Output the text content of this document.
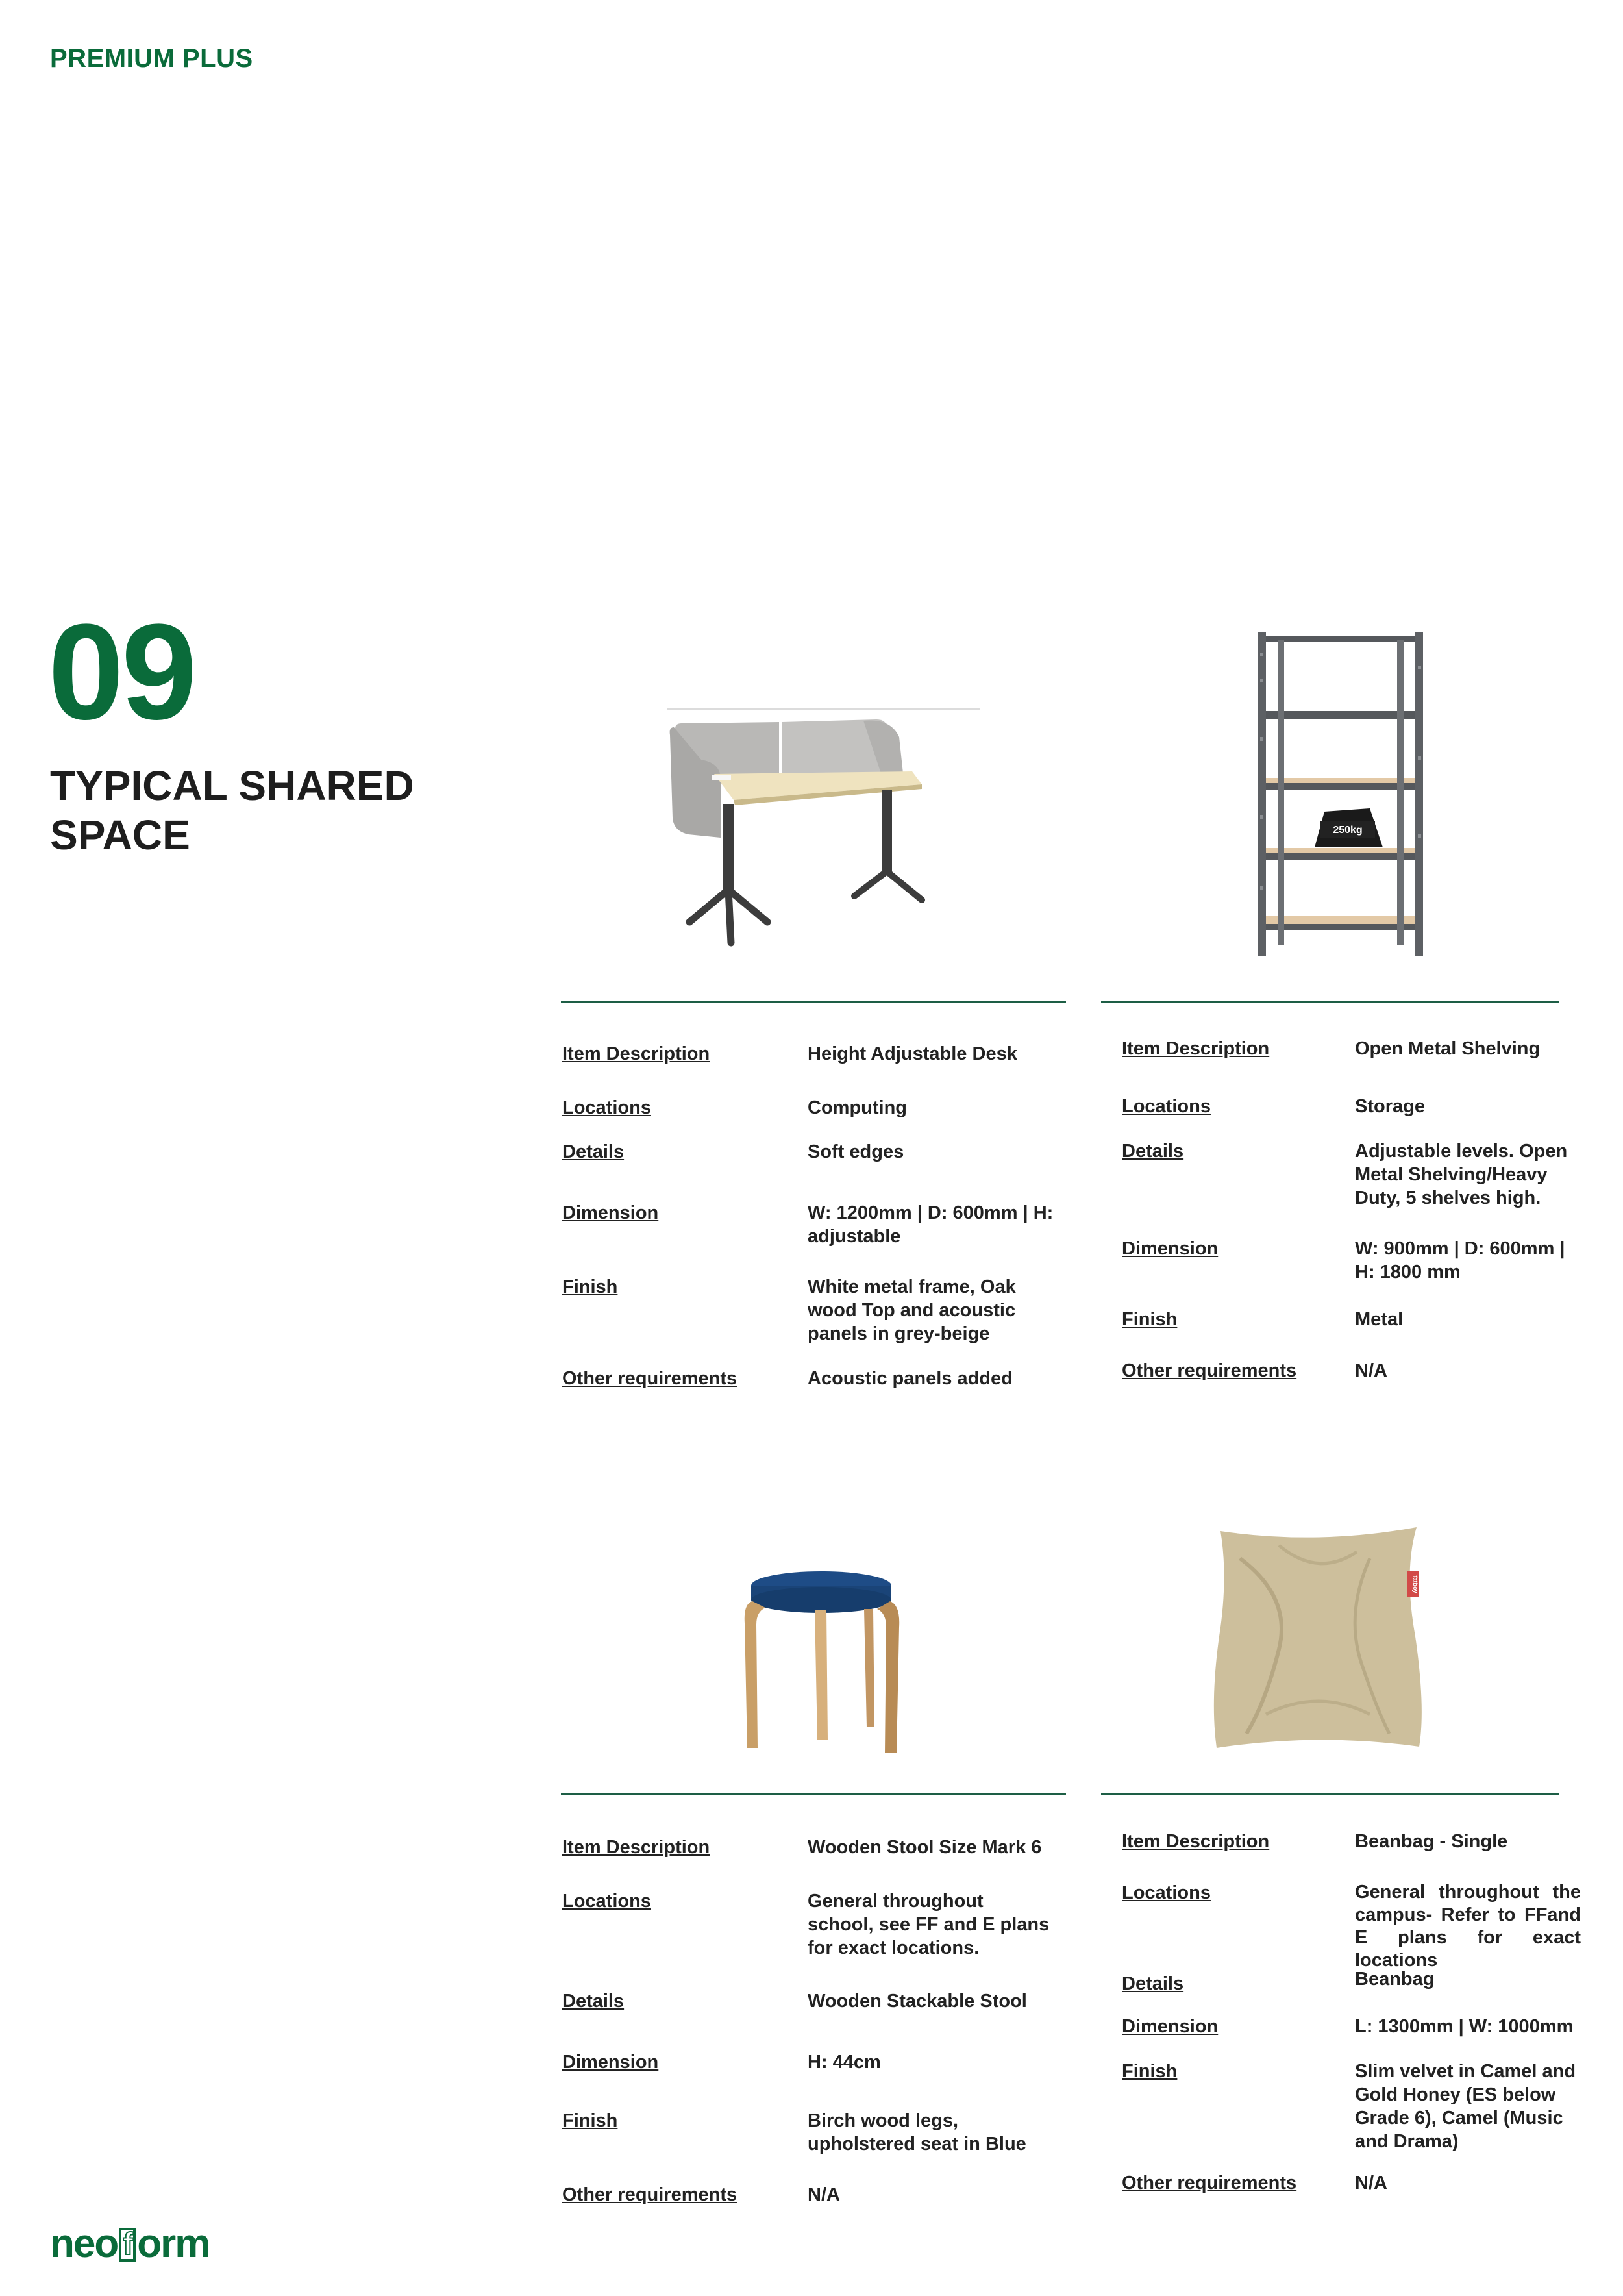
PREMIUM PLUS
09
TYPICAL SHARED SPACE	250kg
fatboy
Item Description	Height Adjustable Desk
Locations	Computing
Details	Soft edges
Dimension	W: 1200mm | D: 600mm | H: adjustable
Finish	White metal frame, Oak wood Top and acoustic panels in grey-beige
Other requirements	Acoustic panels added
Item Description	Open Metal Shelving
Locations	Storage
Details	Adjustable levels. Open Metal Shelving/Heavy Duty, 5 shelves high.
Dimension	W: 900mm | D: 600mm | H: 1800 mm
Finish	Metal
Other requirements	N/A
Item Description	Wooden Stool Size Mark 6
Locations	General throughout school, see FF and E plans for exact locations.
Details	Wooden Stackable Stool
Dimension	H: 44cm
Finish	Birch wood legs, upholstered seat in Blue
Other requirements	N/A
Item Description	Beanbag - Single
Locations	General throughout the campus- Refer to FFand E plans for exact locations
Details	Beanbag
Dimension	L: 1300mm | W: 1000mm
Finish	Slim velvet in Camel and Gold Honey (ES below Grade 6), Camel (Music and Drama)
Other requirements	N/A
neo f orm
